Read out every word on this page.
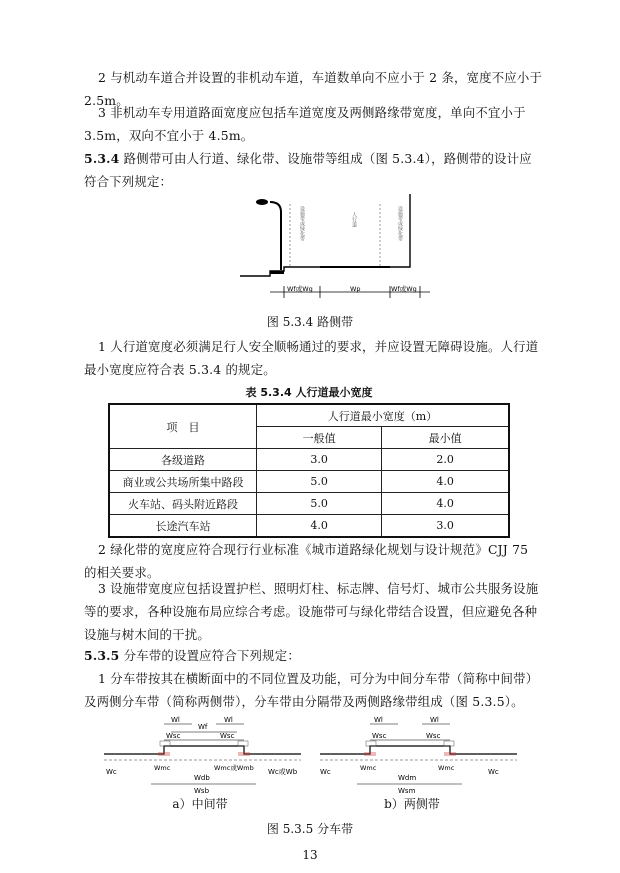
2 与机动车道合并设置的非机动车道，车道数单向不应小于 2 条，宽度不应小于 2.5m。
3 非机动车专用道路面宽度应包括车道宽度及两侧路缘带宽度，单向不宜小于 3.5m，双向不宜小于 4.5m。
5.3.4 路侧带可由人行道、绿化带、设施带等组成（图 5.3.4），路侧带的设计应符合下列规定：
设施带或绿化带	人行道	设施带或绿化带
Wf或Wg	Wp	Wf或Wg
图 5.3.4 路侧带
1 人行道宽度必须满足行人安全顺畅通过的要求，并应设置无障碍设施。人行道最小宽度应符合表 5.3.4 的规定。
表 5.3.4 人行道最小宽度
项　目	人行道最小宽度（m）	
	一般值	最小值
各级道路	3.0	2.0
商业或公共场所集中路段	5.0	4.0
火车站、码头附近路段	5.0	4.0
长途汽车站	4.0	3.0
2 绿化带的宽度应符合现行行业标准《城市道路绿化规划与设计规范》CJJ 75 的相关要求。
3 设施带宽度应包括设置护栏、照明灯柱、标志牌、信号灯、城市公共服务设施等的要求，各种设施布局应综合考虑。设施带可与绿化带结合设置，但应避免各种设施与树木间的干扰。
5.3.5 分车带的设置应符合下列规定：
1 分车带按其在横断面中的不同位置及功能，可分为中间分车带（简称中间带）及两侧分车带（简称两侧带），分车带由分隔带及两侧路缘带组成（图 5.3.5）。
Wl
Wf
Wl
Wsc	Wsc
Wc	Wmc	Wmc或Wmb
Wdb
Wc或Wb
Wsb
a）中间带
Wl	Wl
Wsc	Wsc
Wc	Wmc	Wmc
Wdm
Wc
Wsm
b）两侧带
图 5.3.5 分车带
13
